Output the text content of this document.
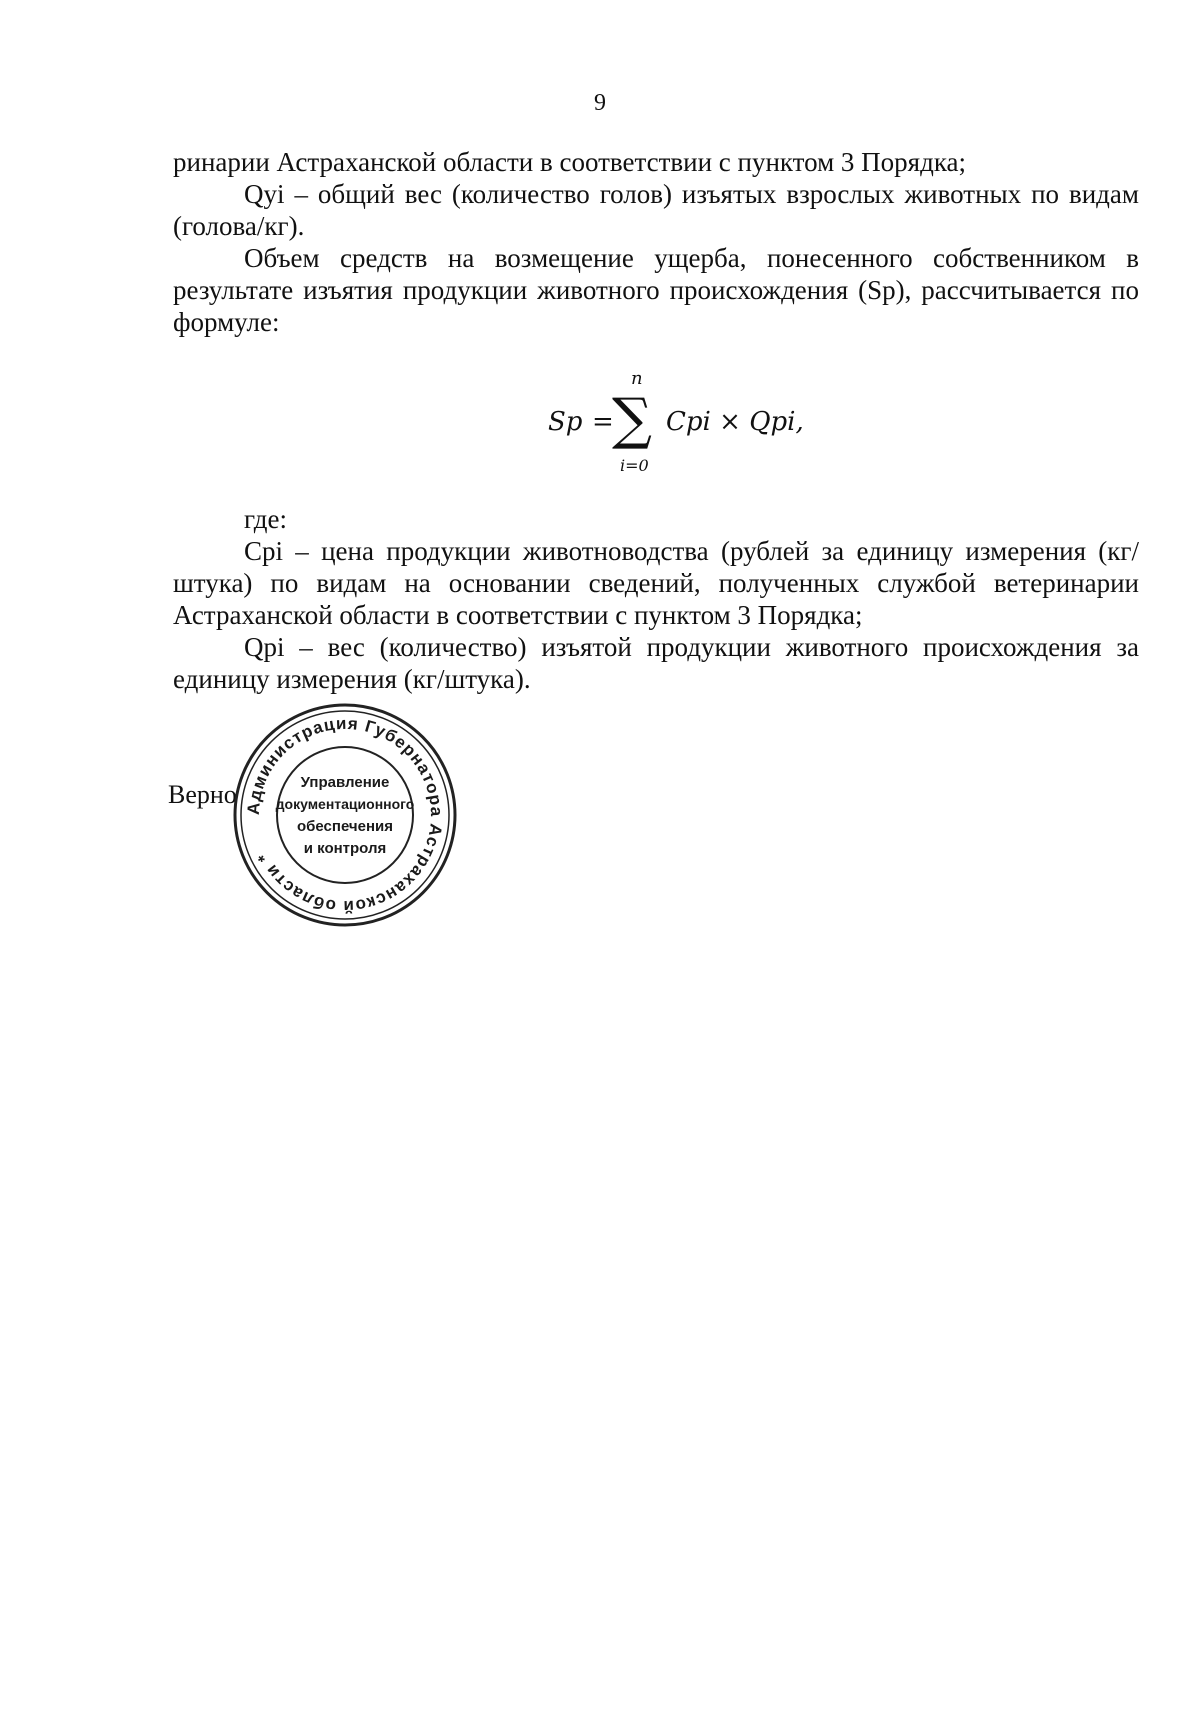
9

ринарии Астраханской области в соответствии с пунктом 3 Порядка;

Qyi – общий вес (количество голов) изъятых взрослых животных по видам (голова/кг).

Объем средств на возмещение ущерба, понесенного собственником в результате изъятия продукции животного происхождения (Sp), рассчитывается по формуле:

Sp =
n
∑
i=0
Cpi × Qpi,

где:

Cpi – цена продукции животноводства (рублей за единицу измерения (кг/штука) по видам на основании сведений, полученных службой ветеринарии Астраханской области в соответствии с пунктом 3 Порядка;

Qpi – вес (количество) изъятой продукции животного происхождения за единицу измерения (кг/штука).

Верно Администрация Губернатора Астраханской области *
Управление
документационного
обеспечения
и контроля
